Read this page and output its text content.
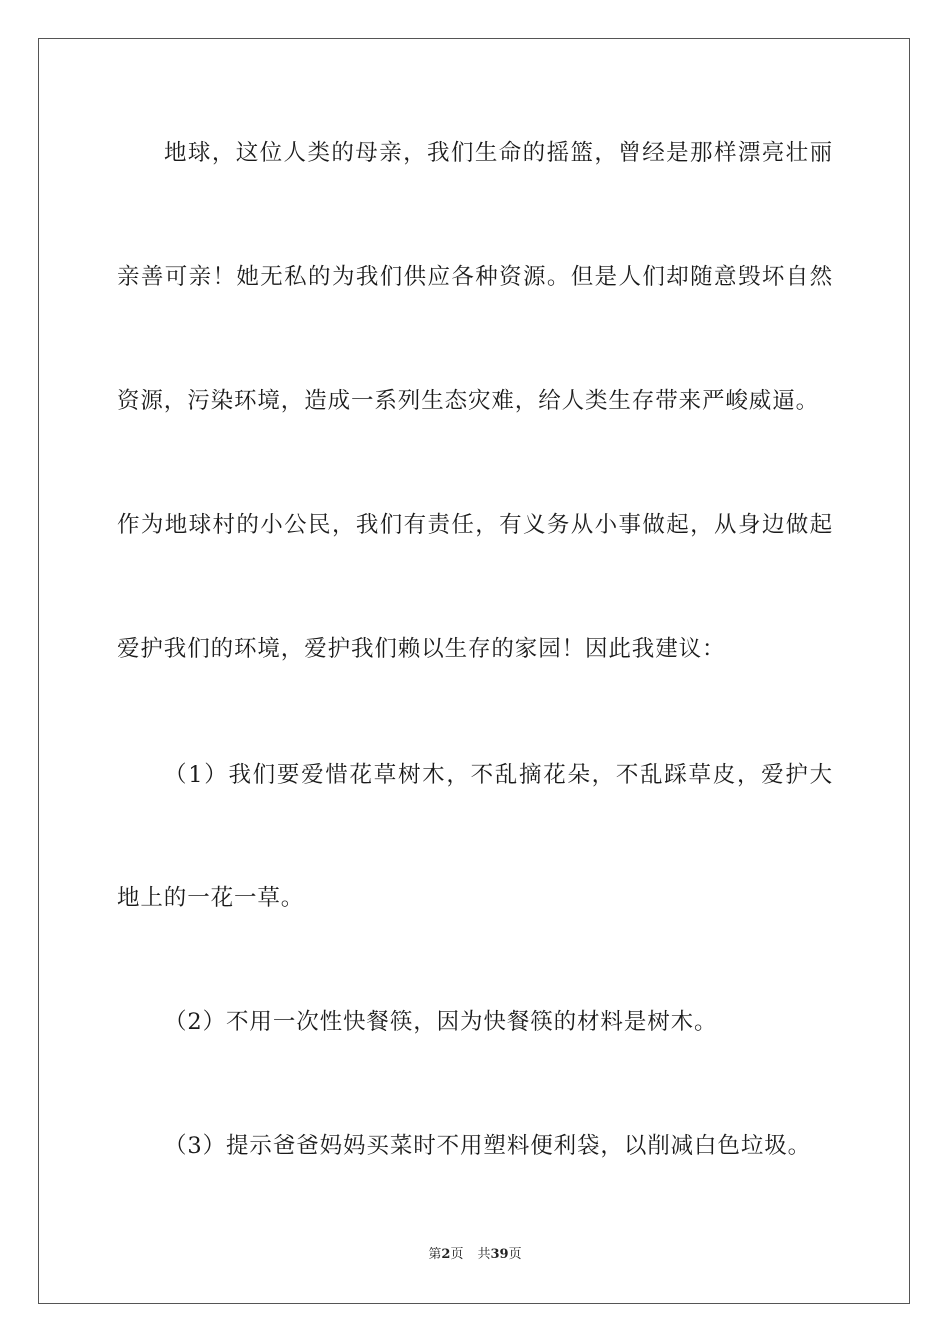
地球，这位人类的母亲，我们生命的摇篮，曾经是那样漂亮壮丽
亲善可亲！她无私的为我们供应各种资源。但是人们却随意毁坏自然
资源，污染环境，造成一系列生态灾难，给人类生存带来严峻威逼。
作为地球村的小公民，我们有责任，有义务从小事做起，从身边做起
爱护我们的环境，爱护我们赖以生存的家园！因此我建议：
（1）我们要爱惜花草树木，不乱摘花朵，不乱踩草皮，爱护大
地上的一花一草。
（2）不用一次性快餐筷，因为快餐筷的材料是树木。
（3）提示爸爸妈妈买菜时不用塑料便利袋，以削减白色垃圾。
第2页 共39页
